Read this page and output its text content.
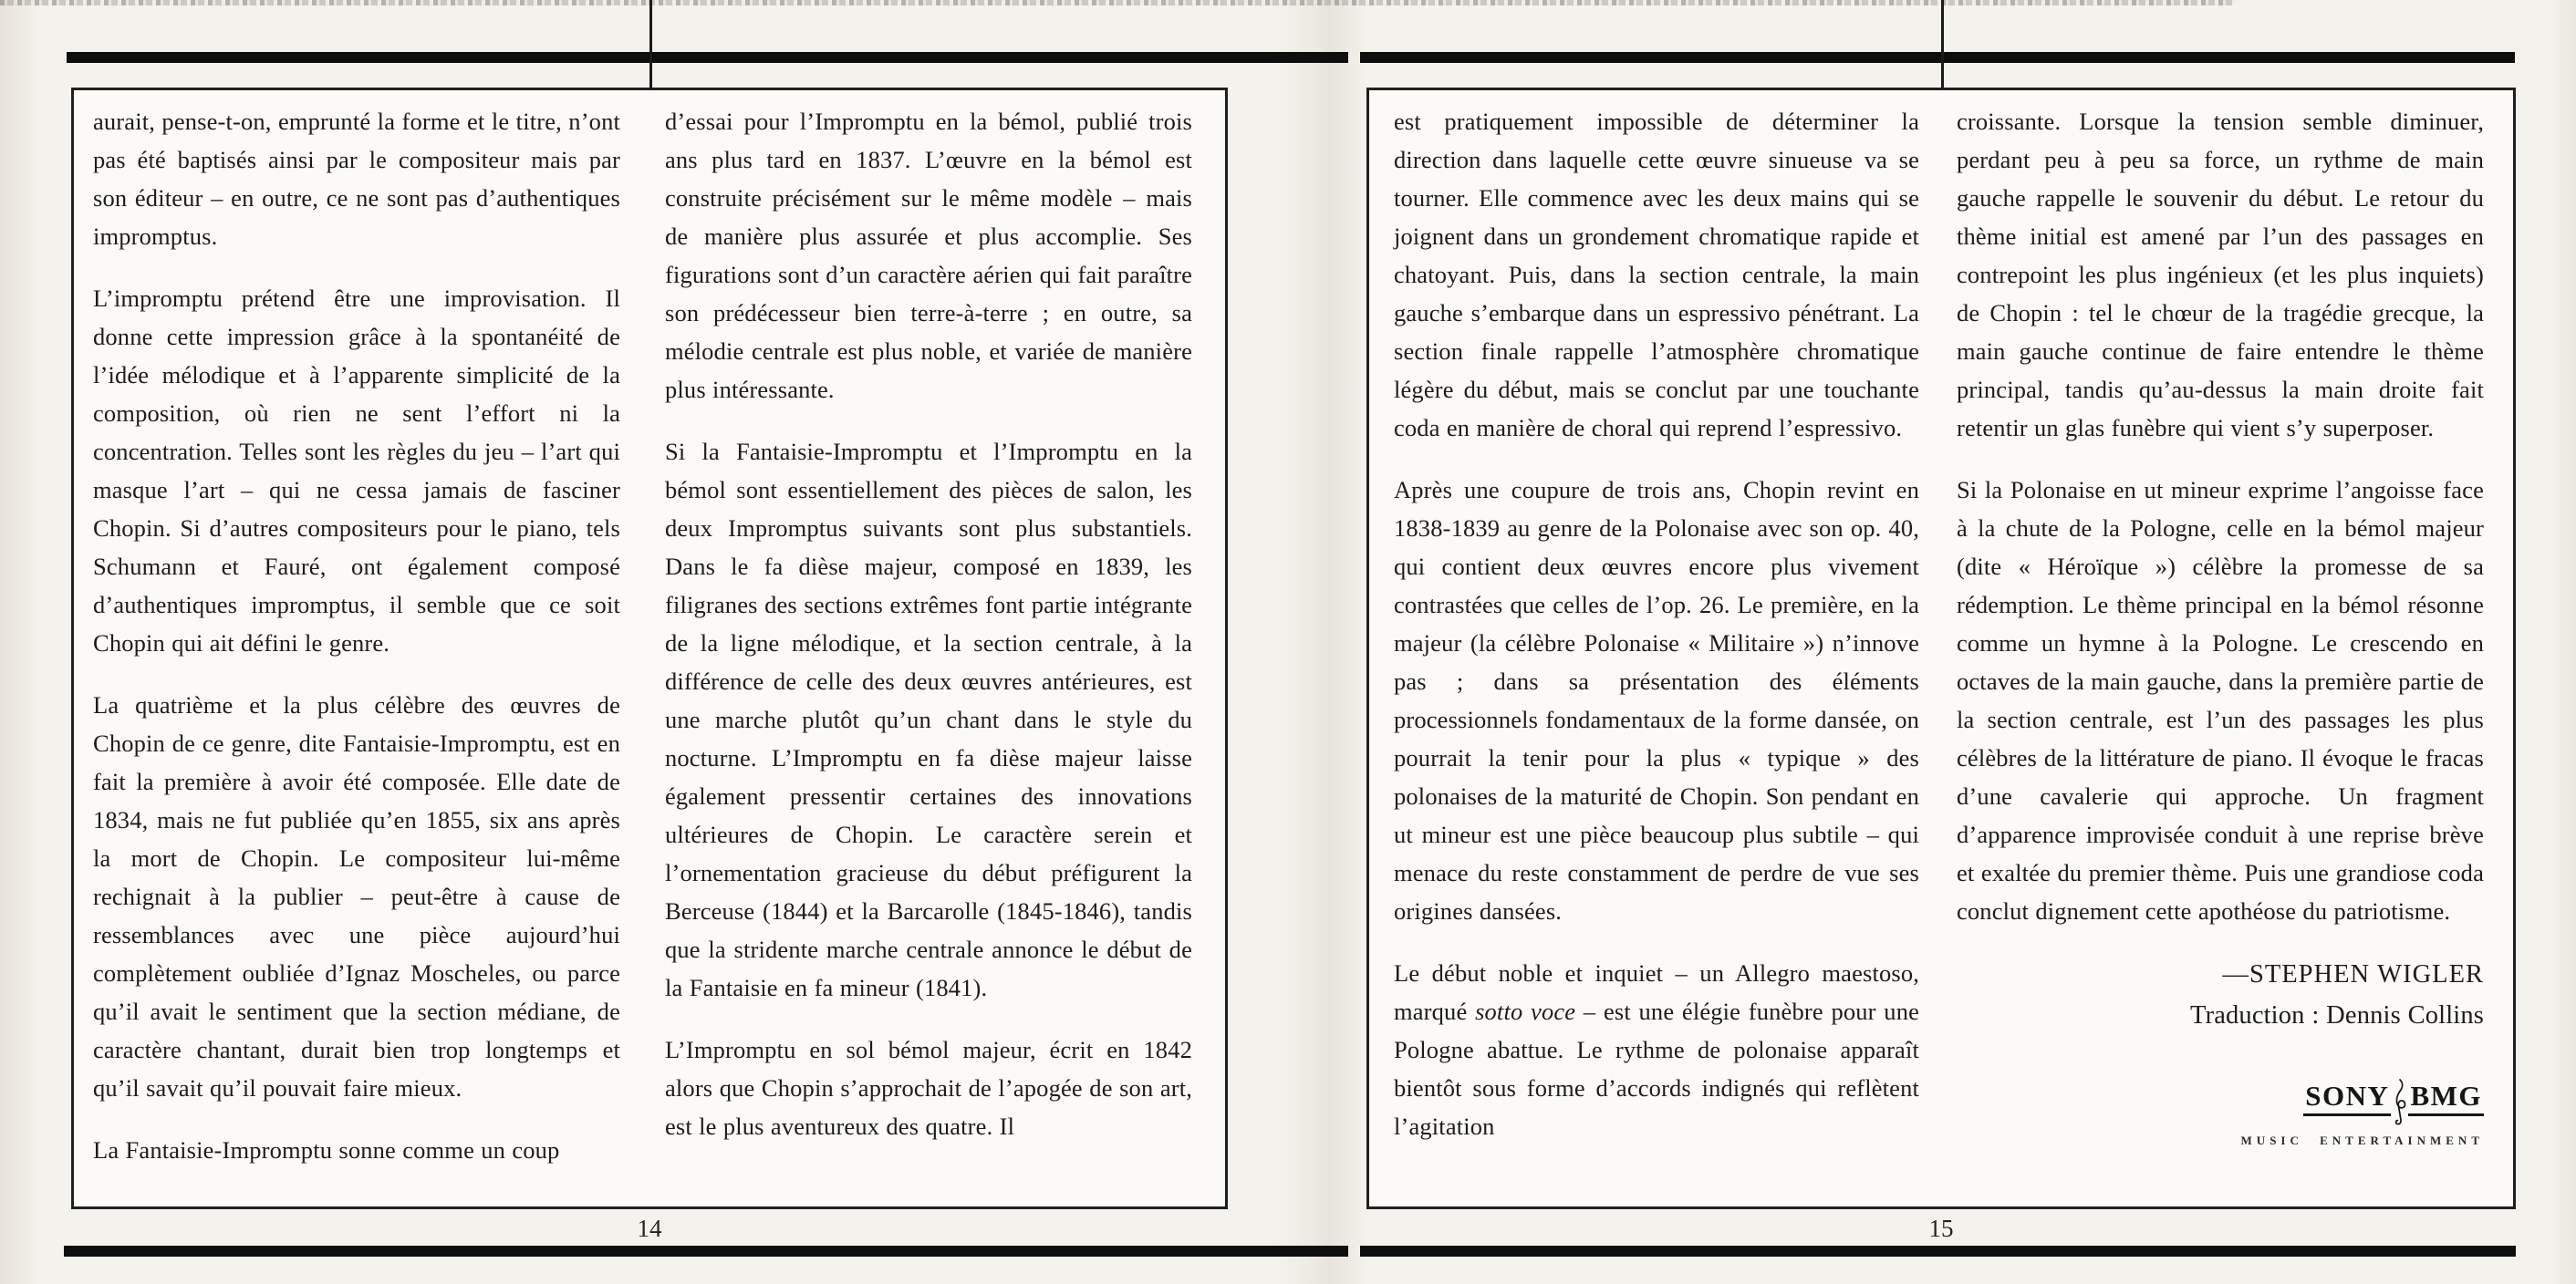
aurait, pense-t-on, emprunté la forme et le titre, n’ont pas été baptisés ainsi par le compositeur mais par son éditeur – en outre, ce ne sont pas d’authentiques impromptus.

L’impromptu prétend être une improvisation. Il donne cette impression grâce à la spontanéité de l’idée mélodique et à l’apparente simplicité de la composition, où rien ne sent l’effort ni la concentration. Telles sont les règles du jeu – l’art qui masque l’art – qui ne cessa jamais de fasciner Chopin. Si d’autres compositeurs pour le piano, tels Schumann et Fauré, ont également composé d’authentiques impromptus, il semble que ce soit Chopin qui ait défini le genre.

La quatrième et la plus célèbre des œuvres de Chopin de ce genre, dite Fantaisie-Impromptu, est en fait la première à avoir été composée. Elle date de 1834, mais ne fut publiée qu’en 1855, six ans après la mort de Chopin. Le compositeur lui-même rechignait à la publier – peut-être à cause de ressemblances avec une pièce aujourd’hui complètement oubliée d’Ignaz Moscheles, ou parce qu’il avait le sentiment que la section médiane, de caractère chantant, durait bien trop longtemps et qu’il savait qu’il pouvait faire mieux.

La Fantaisie-Impromptu sonne comme un coup

d’essai pour l’Impromptu en la bémol, publié trois ans plus tard en 1837. L’œuvre en la bémol est construite précisément sur le même modèle – mais de manière plus assurée et plus accomplie. Ses figurations sont d’un caractère aérien qui fait paraître son prédécesseur bien terre-à-terre ; en outre, sa mélodie centrale est plus noble, et variée de manière plus intéressante.

Si la Fantaisie-Impromptu et l’Impromptu en la bémol sont essentiellement des pièces de salon, les deux Impromptus suivants sont plus substantiels. Dans le fa dièse majeur, composé en 1839, les filigranes des sections extrêmes font partie intégrante de la ligne mélodique, et la section centrale, à la différence de celle des deux œuvres antérieures, est une marche plutôt qu’un chant dans le style du nocturne. L’Impromptu en fa dièse majeur laisse également pressentir certaines des innovations ultérieures de Chopin. Le caractère serein et l’ornementation gracieuse du début préfigurent la Berceuse (1844) et la Barcarolle (1845-1846), tandis que la stridente marche centrale annonce le début de la Fantaisie en fa mineur (1841).

L’Impromptu en sol bémol majeur, écrit en 1842 alors que Chopin s’approchait de l’apogée de son art, est le plus aventureux des quatre. Il

est pratiquement impossible de déterminer la direction dans laquelle cette œuvre sinueuse va se tourner. Elle commence avec les deux mains qui se joignent dans un grondement chromatique rapide et chatoyant. Puis, dans la section centrale, la main gauche s’embarque dans un espressivo pénétrant. La section finale rappelle l’atmosphère chromatique légère du début, mais se conclut par une touchante coda en manière de choral qui reprend l’espressivo.

Après une coupure de trois ans, Chopin revint en 1838-1839 au genre de la Polonaise avec son op. 40, qui contient deux œuvres encore plus vivement contrastées que celles de l’op. 26. Le première, en la majeur (la célèbre Polonaise « Militaire ») n’innove pas ; dans sa présentation des éléments processionnels fondamentaux de la forme dansée, on pourrait la tenir pour la plus « typique » des polonaises de la maturité de Chopin. Son pendant en ut mineur est une pièce beaucoup plus subtile – qui menace du reste constamment de perdre de vue ses origines dansées.

Le début noble et inquiet – un Allegro maestoso, marqué sotto voce – est une élégie funèbre pour une Pologne abattue. Le rythme de polonaise apparaît bientôt sous forme d’accords indignés qui reflètent l’agitation

croissante. Lorsque la tension semble diminuer, perdant peu à peu sa force, un rythme de main gauche rappelle le souvenir du début. Le retour du thème initial est amené par l’un des passages en contrepoint les plus ingénieux (et les plus inquiets) de Chopin : tel le chœur de la tragédie grecque, la main gauche continue de faire entendre le thème principal, tandis qu’au-dessus la main droite fait retentir un glas funèbre qui vient s’y superposer.

Si la Polonaise en ut mineur exprime l’angoisse face à la chute de la Pologne, celle en la bémol majeur (dite « Héroïque ») célèbre la promesse de sa rédemption. Le thème principal en la bémol résonne comme un hymne à la Pologne. Le crescendo en octaves de la main gauche, dans la première partie de la section centrale, est l’un des passages les plus célèbres de la littérature de piano. Il évoque le fracas d’une cavalerie qui approche. Un fragment d’apparence improvisée conduit à une reprise brève et exaltée du premier thème. Puis une grandiose coda conclut dignement cette apothéose du patriotisme.

—STEPHEN WIGLER
Traduction : Dennis Collins
SONY BMG
MUSIC ENTERTAINMENT
14	15
